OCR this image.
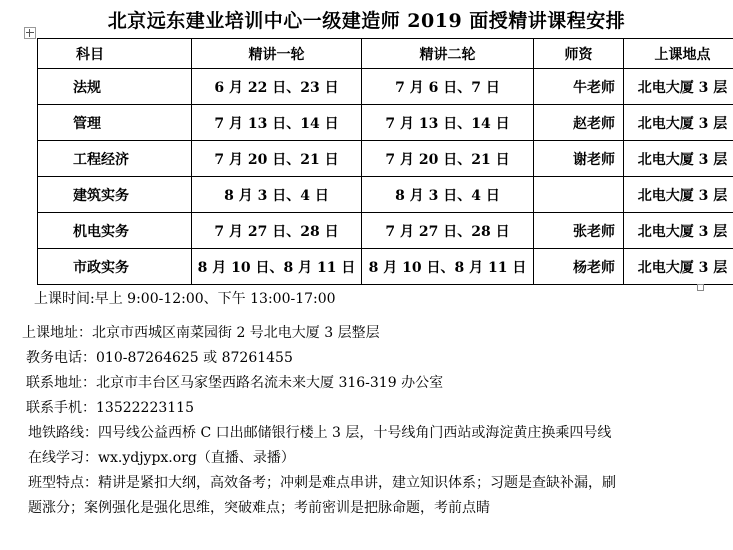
北京远东建业培训中心一级建造师 2019 面授精讲课程安排
科目	精讲一轮	精讲二轮	师资	上课地点
法规	6 月 22 日、23 日	7 月 6 日、7 日	牛老师	北电大厦 3 层
管理	7 月 13 日、14 日	7 月 13 日、14 日	赵老师	北电大厦 3 层
工程经济	7 月 20 日、21 日	7 月 20 日、21 日	谢老师	北电大厦 3 层
建筑实务	8 月 3 日、4 日	8 月 3 日、4 日		北电大厦 3 层
机电实务	7 月 27 日、28 日	7 月 27 日、28 日	张老师	北电大厦 3 层
市政实务	8 月 10 日、8 月 11 日	8 月 10 日、8 月 11 日	杨老师	北电大厦 3 层
上课时间:早上 9:00-12:00、下午 13:00-17:00
上课地址：北京市西城区南菜园街 2 号北电大厦 3 层整层
教务电话：010-87264625 或 87261455
联系地址：北京市丰台区马家堡西路名流未来大厦 316-319 办公室
联系手机：13522223115
地铁路线：四号线公益西桥 C 口出邮储银行楼上 3 层，十号线角门西站或海淀黄庄换乘四号线
在线学习：wx.ydjypx.org（直播、录播）
班型特点：精讲是紧扣大纲，高效备考；冲刺是难点串讲，建立知识体系；习题是查缺补漏，刷
题涨分；案例强化是强化思维，突破难点；考前密训是把脉命题，考前点睛
